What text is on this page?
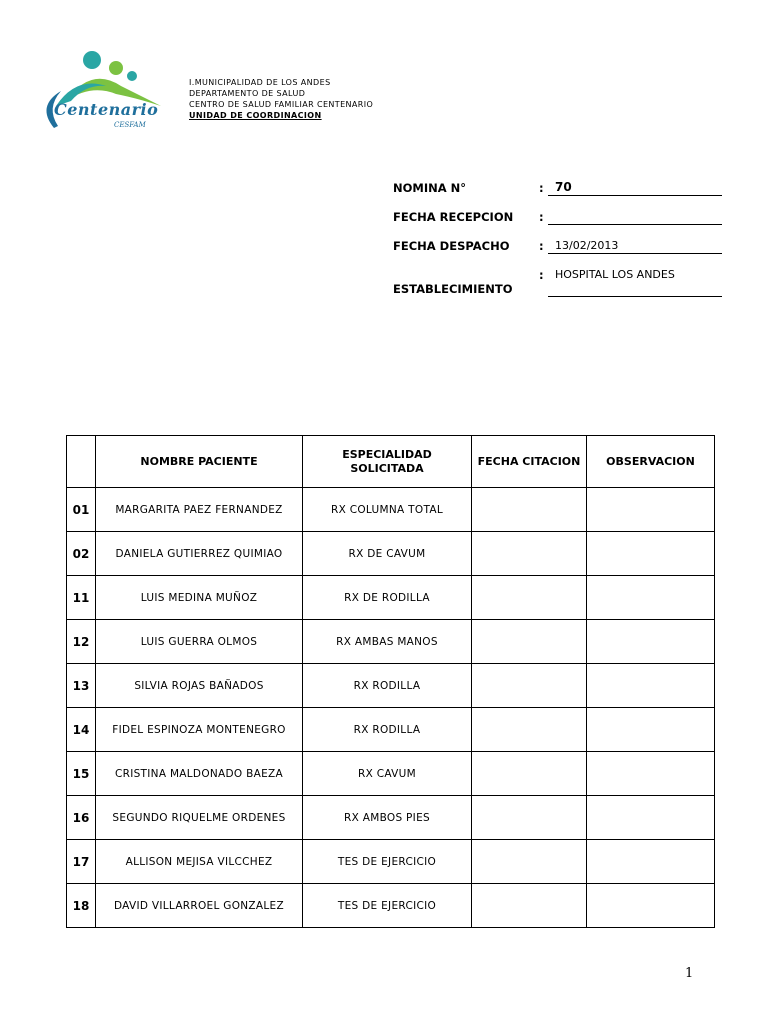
Centenario
CESFAM
I.MUNICIPALIDAD DE LOS ANDES
DEPARTAMENTO DE SALUD
CENTRO DE SALUD FAMILIAR CENTENARIO
UNIDAD DE COORDINACION
NOMINA N°	: 70
FECHA RECEPCION :
FECHA DESPACHO	: 13/02/2013
: HOSPITAL LOS ANDES
ESTABLECIMIENTO
	NOMBRE PACIENTE	ESPECIALIDAD SOLICITADA	FECHA CITACION	OBSERVACION
01	MARGARITA PAEZ FERNANDEZ	RX COLUMNA TOTAL		
02	DANIELA GUTIERREZ QUIMIAO	RX DE CAVUM		
11	LUIS MEDINA MUÑOZ	RX DE RODILLA		
12	LUIS GUERRA OLMOS	RX AMBAS MANOS		
13	SILVIA ROJAS BAÑADOS	RX RODILLA		
14	FIDEL ESPINOZA MONTENEGRO	RX RODILLA		
15	CRISTINA MALDONADO BAEZA	RX CAVUM		
16	SEGUNDO RIQUELME ORDENES	RX AMBOS PIES		
17	ALLISON MEJISA VILCCHEZ	TES DE EJERCICIO		
18	DAVID VILLARROEL GONZALEZ	TES DE EJERCICIO		
1
